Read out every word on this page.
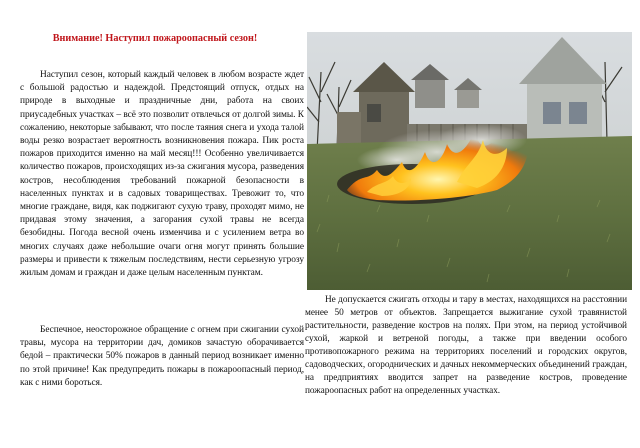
Внимание! Наступил пожароопасный сезон!

Наступил сезон, который каждый человек в любом возрасте ждет с большой радостью и надеждой. Предстоящий отпуск, отдых на природе в выходные и праздничные дни, работа на своих приусадебных участках – всё это позволит отвлечься от долгой зимы. К сожалению, некоторые забывают, что после таяния снега и ухода талой воды резко возрастает вероятность возникновения пожара. Пик роста пожаров приходится именно на май месяц!!! Особенно увеличивается количество пожаров, происходящих из-за сжигания мусора, разведения костров, несоблюдения требований пожарной безопасности в населенных пунктах и в садовых товариществах. Тревожит то, что многие граждане, видя, как поджигают сухую траву, проходят мимо, не придавая этому значения, а загорания сухой травы не всегда безобидны. Погода весной очень изменчива и с усилением ветра во многих случаях даже небольшие очаги огня могут принять большие размеры и привести к тяжелым последствиям, нести серьезную угрозу жилым домам и граждан и даже целым населенным пунктам.

Беспечное, неосторожное обращение с огнем при сжигании сухой травы, мусора на территории дач, домиков зачастую оборачивается бедой – практически 50% пожаров в данный период возникает именно по этой причине! Как предупредить пожары в пожароопасный период, как с ними бороться.

Не допускается сжигать отходы и тару в местах, находящихся на расстоянии менее 50 метров от объектов. Запрещается выжигание сухой травянистой растительности, разведение костров на полях. При этом, на период устойчивой сухой, жаркой и ветреной погоды, а также при введении особого противопожарного режима на территориях поселений и городских округов, садоводческих, огороднических и дачных некоммерческих объединений граждан, на предприятиях вводится запрет на разведение костров, проведение пожароопасных работ на определенных участках.
